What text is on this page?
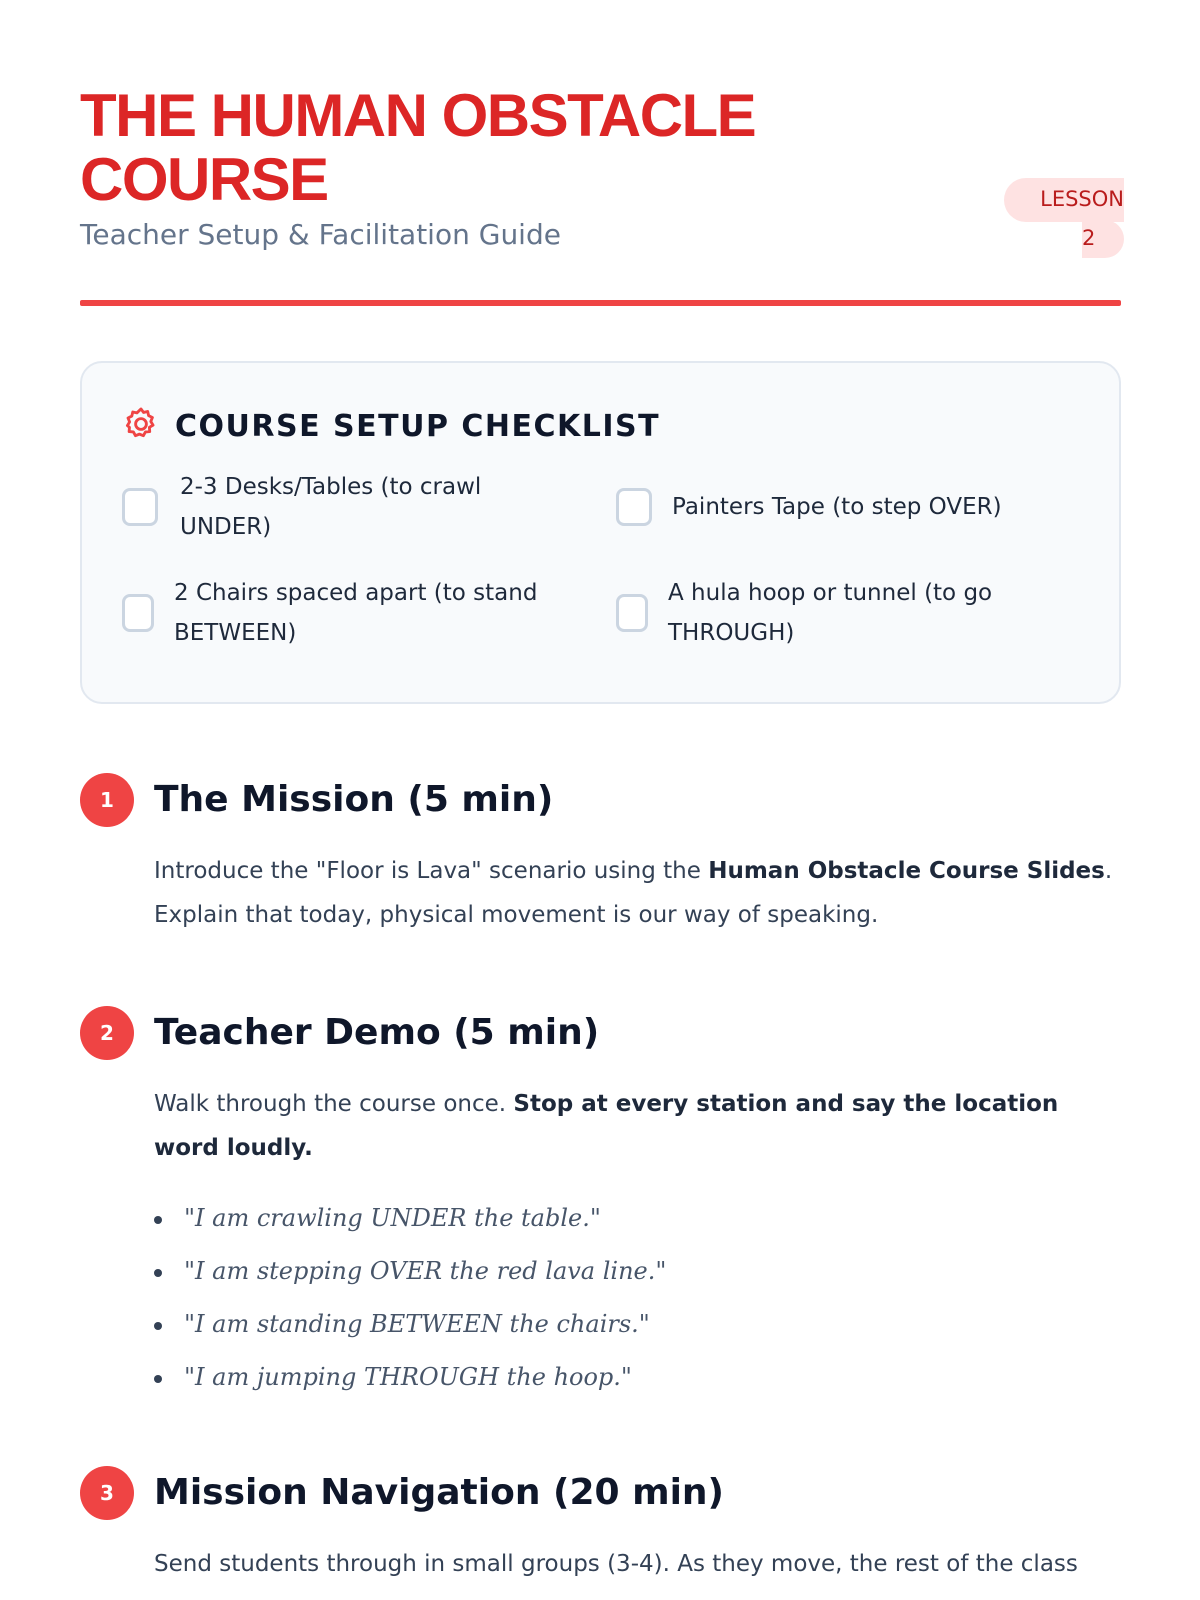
THE HUMAN OBSTACLE COURSE
Teacher Setup & Facilitation Guide
LESSON
2
COURSE SETUP CHECKLIST
2-3 Desks/Tables (to crawl UNDER)
Painters Tape (to step OVER)
2 Chairs spaced apart (to stand BETWEEN)
A hula hoop or tunnel (to go THROUGH)
1	The Mission (5 min)
Introduce the "Floor is Lava" scenario using the Human Obstacle Course Slides. Explain that today, physical movement is our way of speaking.
2	Teacher Demo (5 min)
Walk through the course once. Stop at every station and say the location word loudly.
"I am crawling UNDER the table."
"I am stepping OVER the red lava line."
"I am standing BETWEEN the chairs."
"I am jumping THROUGH the hoop."
3	Mission Navigation (20 min)
Send students through in small groups (3-4). As they move, the rest of the class
